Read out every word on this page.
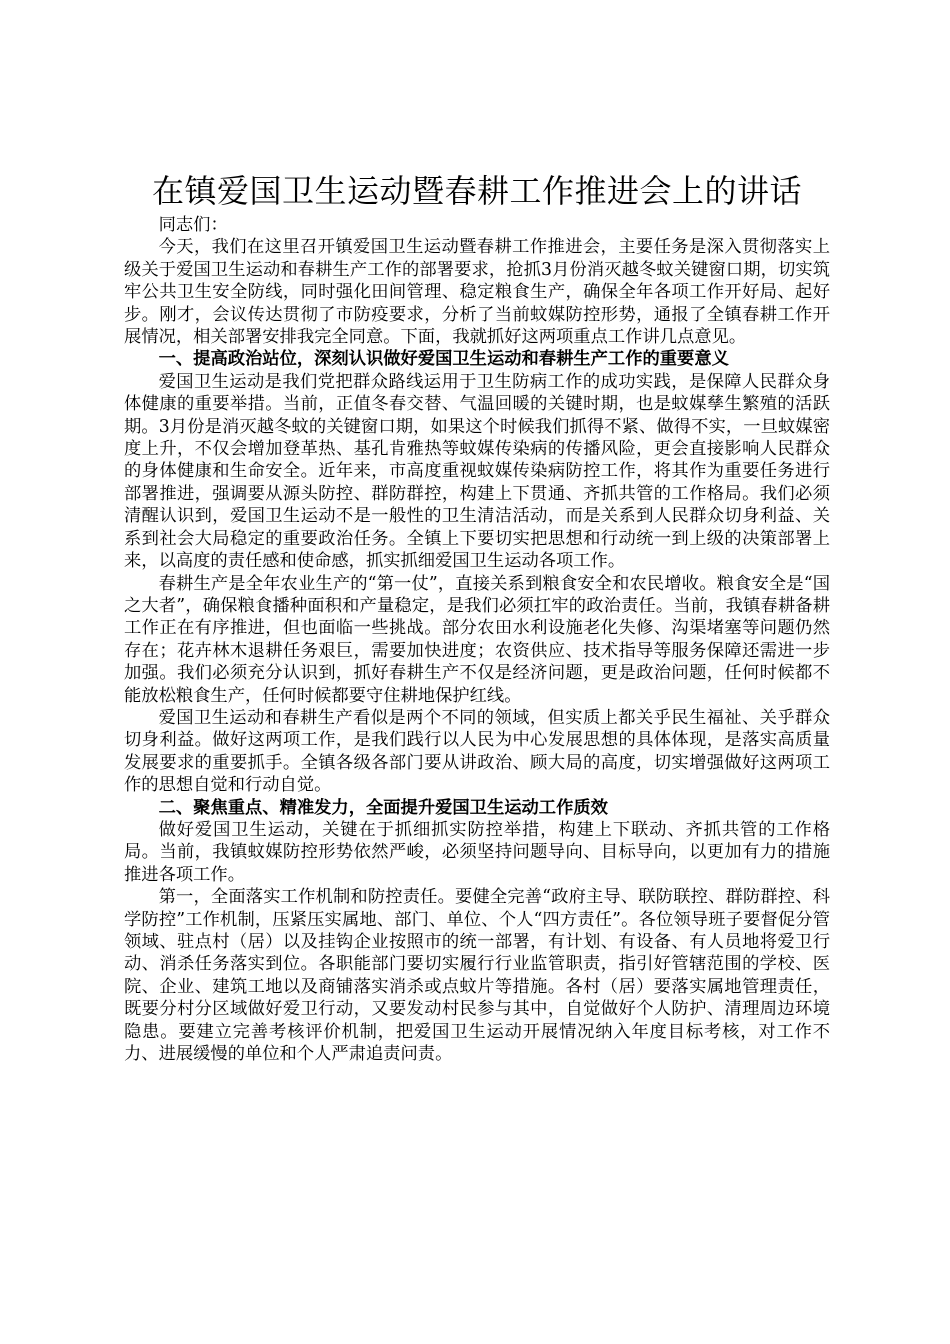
在镇爱国卫生运动暨春耕工作推进会上的讲话

同志们：

今天，我们在这里召开镇爱国卫生运动暨春耕工作推进会，主要任务是深入贯彻落实上级关于爱国卫生运动和春耕生产工作的部署要求，抢抓3月份消灭越冬蚊关键窗口期，切实筑牢公共卫生安全防线，同时强化田间管理、稳定粮食生产，确保全年各项工作开好局、起好步。刚才，会议传达贯彻了市防疫要求，分析了当前蚊媒防控形势，通报了全镇春耕工作开展情况，相关部署安排我完全同意。下面，我就抓好这两项重点工作讲几点意见。

一、提高政治站位，深刻认识做好爱国卫生运动和春耕生产工作的重要意义

爱国卫生运动是我们党把群众路线运用于卫生防病工作的成功实践，是保障人民群众身体健康的重要举措。当前，正值冬春交替、气温回暖的关键时期，也是蚊媒孳生繁殖的活跃期。3月份是消灭越冬蚊的关键窗口期，如果这个时候我们抓得不紧、做得不实，一旦蚊媒密度上升，不仅会增加登革热、基孔肯雅热等蚊媒传染病的传播风险，更会直接影响人民群众的身体健康和生命安全。近年来，市高度重视蚊媒传染病防控工作，将其作为重要任务进行部署推进，强调要从源头防控、群防群控，构建上下贯通、齐抓共管的工作格局。我们必须清醒认识到，爱国卫生运动不是一般性的卫生清洁活动，而是关系到人民群众切身利益、关系到社会大局稳定的重要政治任务。全镇上下要切实把思想和行动统一到上级的决策部署上来，以高度的责任感和使命感，抓实抓细爱国卫生运动各项工作。

春耕生产是全年农业生产的“第一仗”，直接关系到粮食安全和农民增收。粮食安全是“国之大者”，确保粮食播种面积和产量稳定，是我们必须扛牢的政治责任。当前，我镇春耕备耕工作正在有序推进，但也面临一些挑战。部分农田水利设施老化失修、沟渠堵塞等问题仍然存在；花卉林木退耕任务艰巨，需要加快进度；农资供应、技术指导等服务保障还需进一步加强。我们必须充分认识到，抓好春耕生产不仅是经济问题，更是政治问题，任何时候都不能放松粮食生产，任何时候都要守住耕地保护红线。

爱国卫生运动和春耕生产看似是两个不同的领域，但实质上都关乎民生福祉、关乎群众切身利益。做好这两项工作，是我们践行以人民为中心发展思想的具体体现，是落实高质量发展要求的重要抓手。全镇各级各部门要从讲政治、顾大局的高度，切实增强做好这两项工作的思想自觉和行动自觉。

二、聚焦重点、精准发力，全面提升爱国卫生运动工作质效

做好爱国卫生运动，关键在于抓细抓实防控举措，构建上下联动、齐抓共管的工作格局。当前，我镇蚊媒防控形势依然严峻，必须坚持问题导向、目标导向，以更加有力的措施推进各项工作。

第一，全面落实工作机制和防控责任。要健全完善“政府主导、联防联控、群防群控、科学防控”工作机制，压紧压实属地、部门、单位、个人“四方责任”。各位领导班子要督促分管领域、驻点村（居）以及挂钩企业按照市的统一部署，有计划、有设备、有人员地将爱卫行动、消杀任务落实到位。各职能部门要切实履行行业监管职责，指引好管辖范围的学校、医院、企业、建筑工地以及商铺落实消杀或点蚊片等措施。各村（居）要落实属地管理责任，既要分村分区域做好爱卫行动，又要发动村民参与其中，自觉做好个人防护、清理周边环境隐患。要建立完善考核评价机制，把爱国卫生运动开展情况纳入年度目标考核，对工作不力、进展缓慢的单位和个人严肃追责问责。
